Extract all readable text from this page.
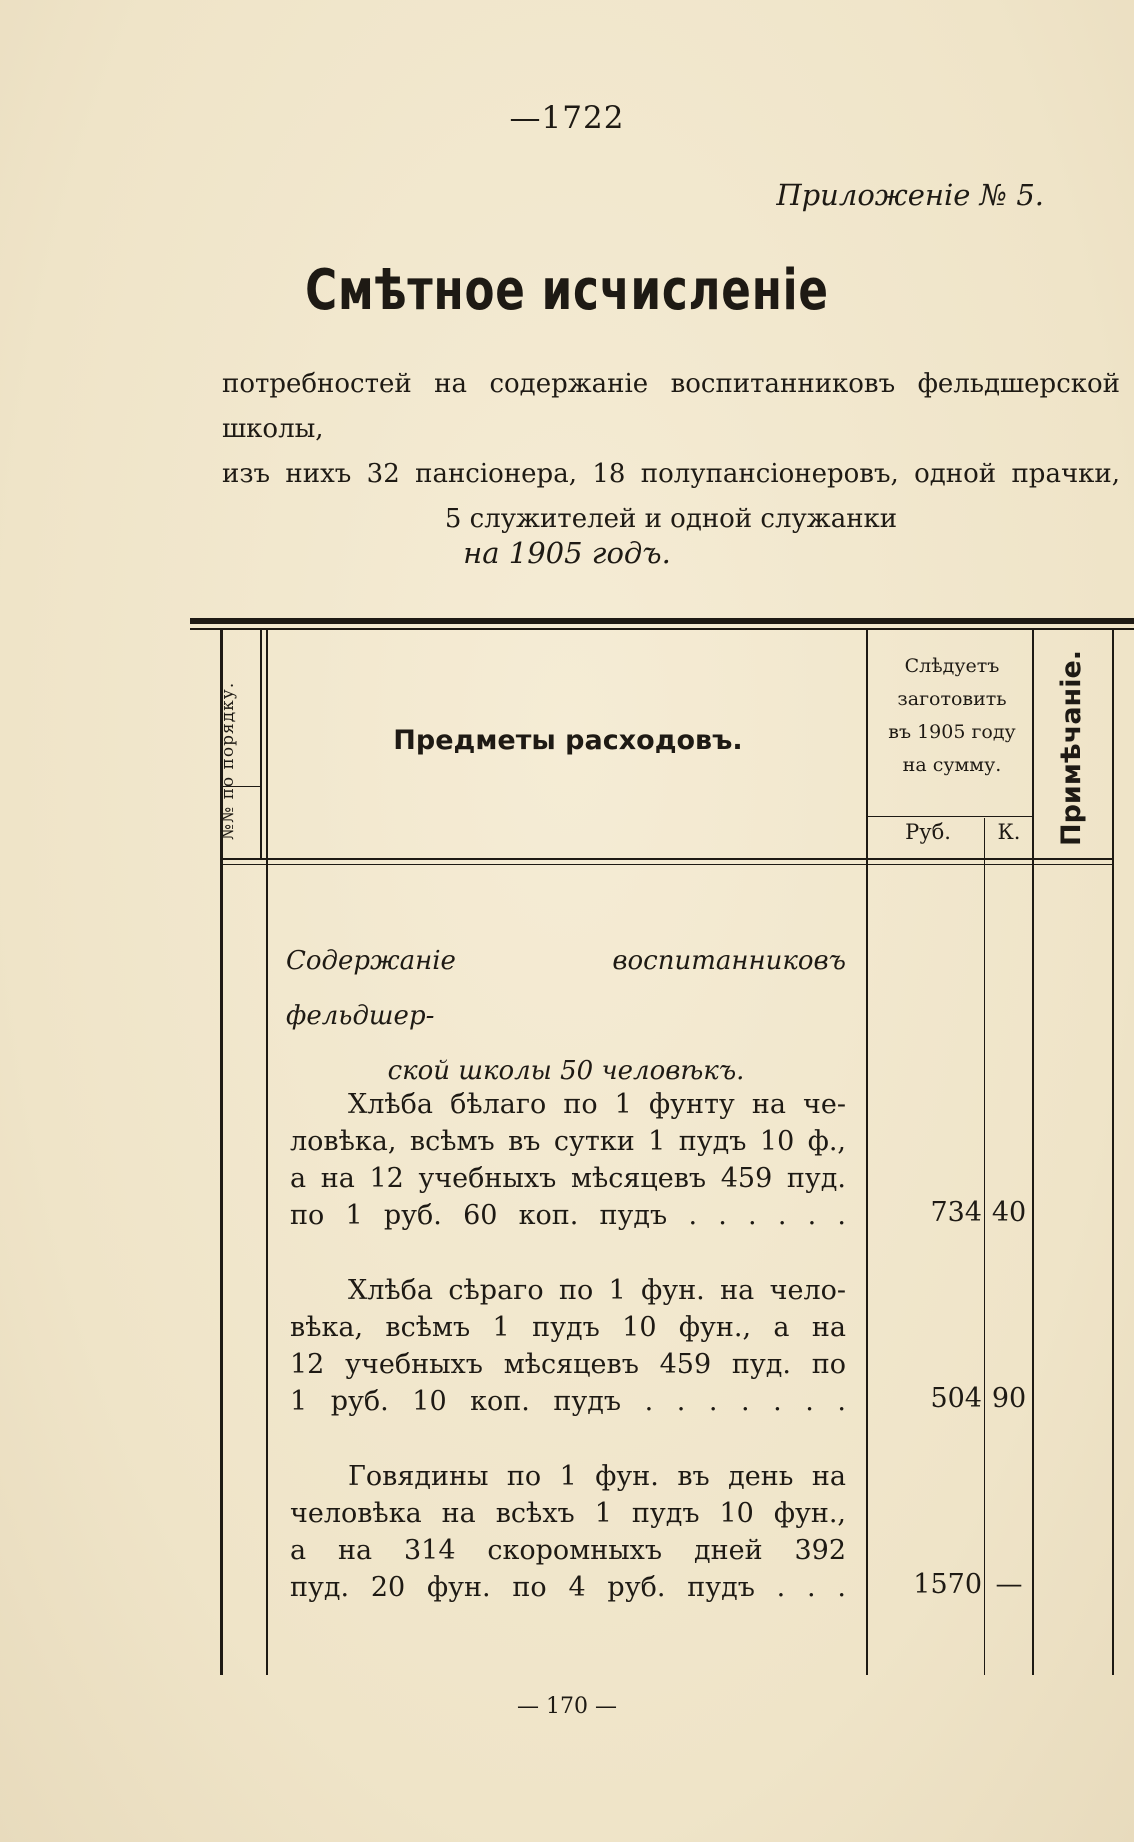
—1722
Приложенiе № 5.
Смѣтное исчисленiе
потребностей на содержанiе воспитанниковъ фельдшерской школы,
изъ нихъ 32 пансiонера, 18 полупансiонеровъ, одной прачки,
5 служителей и одной служанки
на 1905 годъ.
№№ по порядку.	Предметы расходовъ.
Слѣдуетъ
заготовить
въ 1905 году
на сумму.
Руб.	К.	Примѣчанiе.
Содержанiе воспитанниковъ фельдшер-
ской школы 50 человѣкъ.
Хлѣба бѣлаго по 1 фунту на че-
ловѣка, всѣмъ въ сутки 1 пудъ 10 ф.,
а на 12 учебныхъ мѣсяцевъ 459 пуд.
по 1 руб. 60 коп. пудъ . . . . . .	734 40
Хлѣба сѣраго по 1 фун. на чело-
вѣка, всѣмъ 1 пудъ 10 фун., а на
12 учебныхъ мѣсяцевъ 459 пуд. по
1 руб. 10 коп. пудъ . . . . . . .	504 90
Говядины по 1 фун. въ день на
человѣка на всѣхъ 1 пудъ 10 фун.,
а на 314 скоромныхъ дней 392
пуд. 20 фун. по 4 руб. пудъ . . .	1570 —
— 170 —
